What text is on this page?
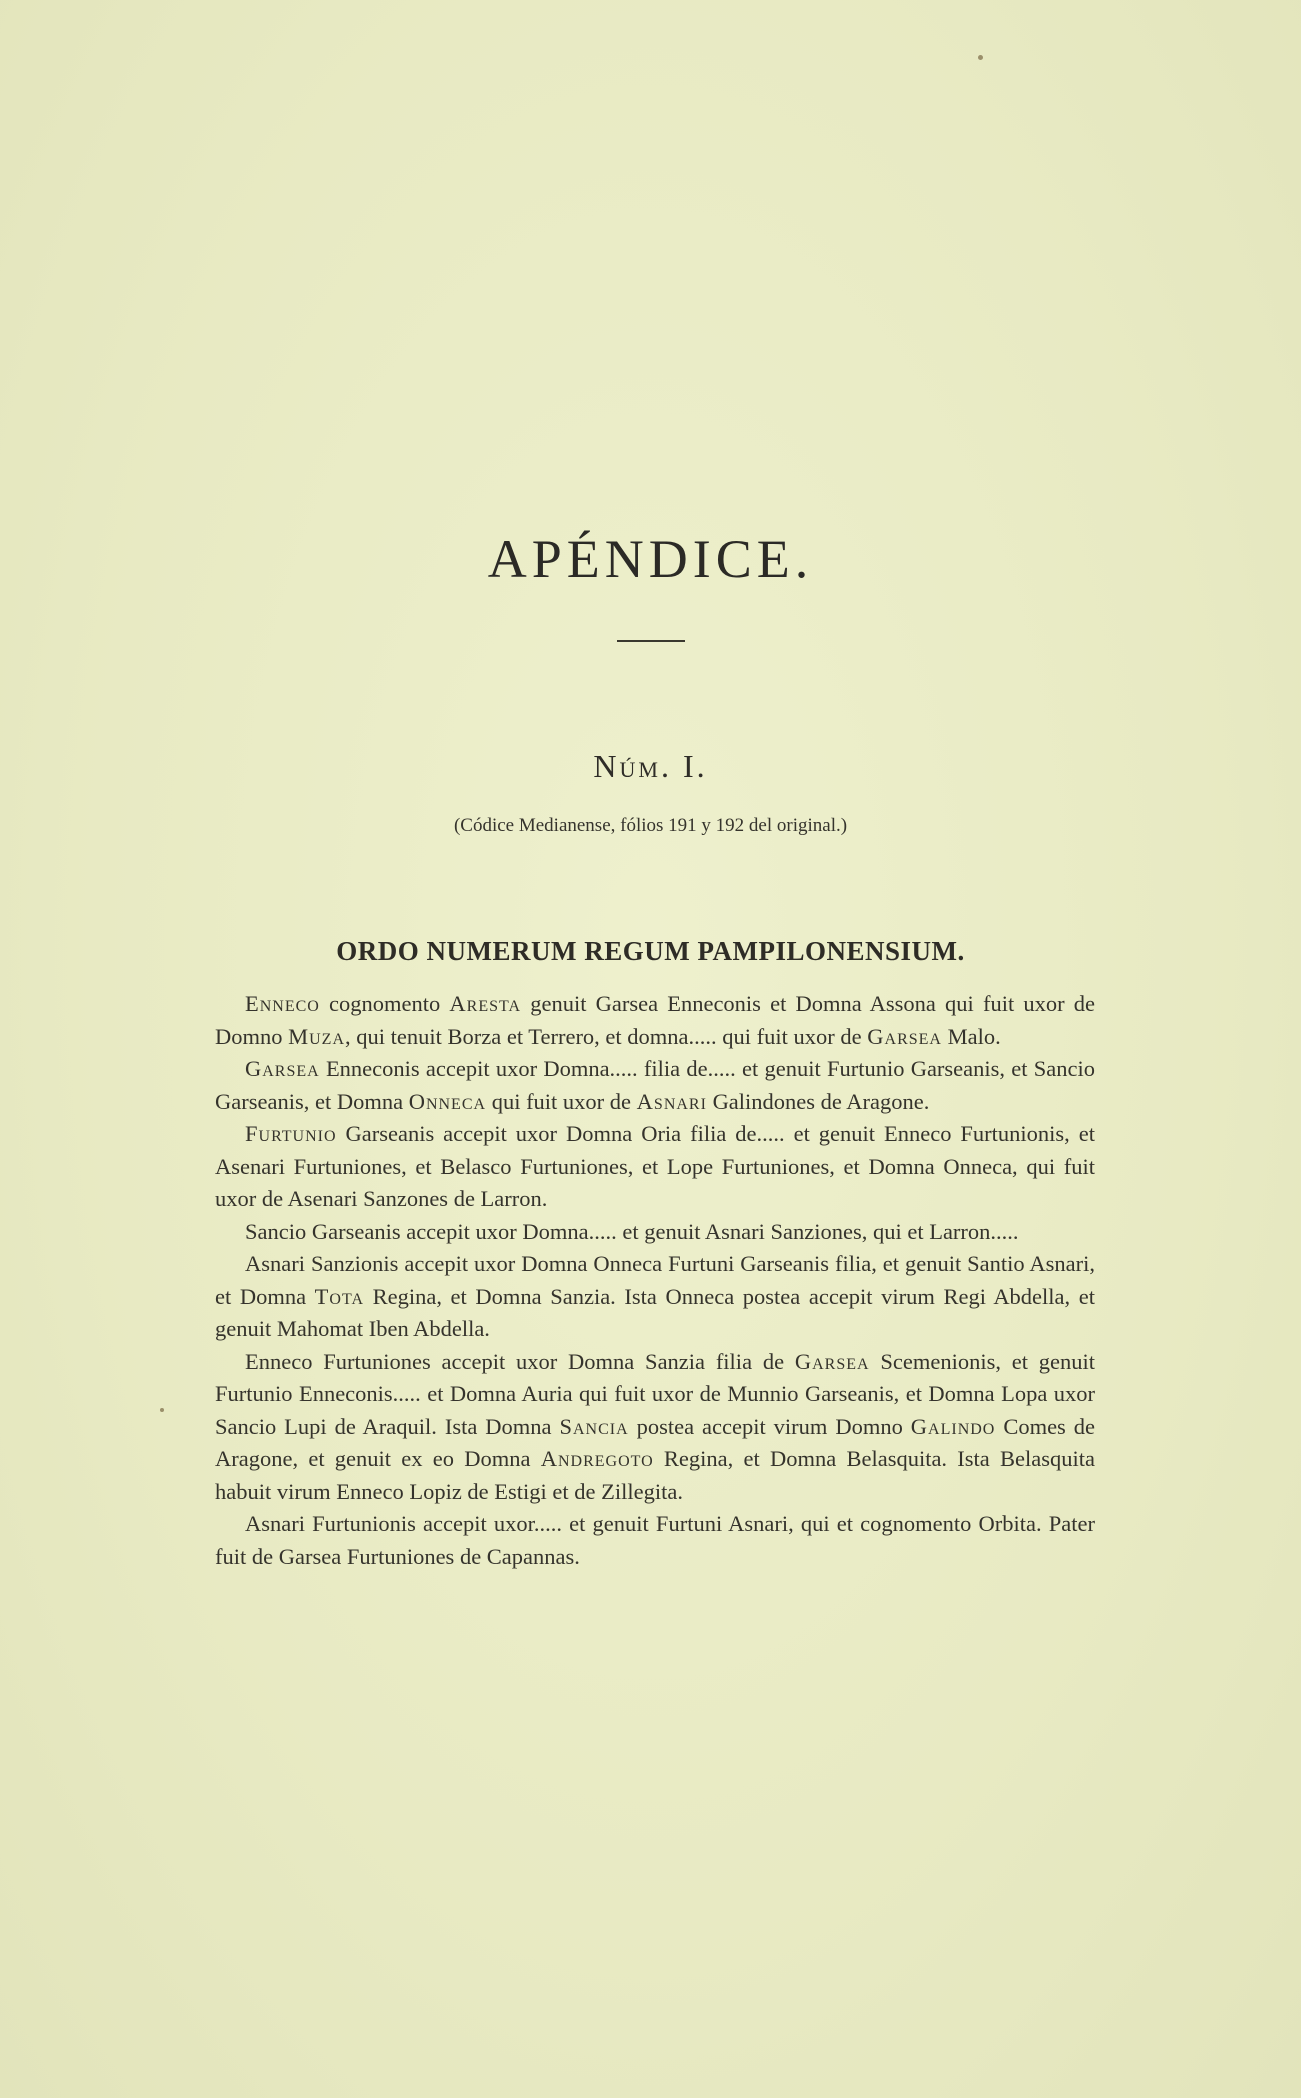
APÉNDICE.
Núm. I.
(Códice Medianense, fólios 191 y 192 del original.)
ORDO NUMERUM REGUM PAMPILONENSIUM.

Enneco cognomento Aresta genuit Garsea Enneconis et Domna Assona qui fuit uxor de Domno Muza, qui tenuit Borza et Terrero, et domna..... qui fuit uxor de Garsea Malo.

Garsea Enneconis accepit uxor Domna..... filia de..... et genuit Furtunio Garseanis, et Sancio Garseanis, et Domna Onneca qui fuit uxor de Asnari Galindones de Aragone.

Furtunio Garseanis accepit uxor Domna Oria filia de..... et genuit Enneco Furtunionis, et Asenari Furtuniones, et Belasco Furtuniones, et Lope Furtuniones, et Domna Onneca, qui fuit uxor de Asenari Sanzones de Larron.

Sancio Garseanis accepit uxor Domna..... et genuit Asnari Sanziones, qui et Larron.....

Asnari Sanzionis accepit uxor Domna Onneca Furtuni Garseanis filia, et genuit Santio Asnari, et Domna Tota Regina, et Domna Sanzia. Ista Onneca postea accepit virum Regi Abdella, et genuit Mahomat Iben Abdella.

Enneco Furtuniones accepit uxor Domna Sanzia filia de Garsea Scemenionis, et genuit Furtunio Enneconis..... et Domna Auria qui fuit uxor de Munnio Garseanis, et Domna Lopa uxor Sancio Lupi de Araquil. Ista Domna Sancia postea accepit virum Domno Galindo Comes de Aragone, et genuit ex eo Domna Andregoto Regina, et Domna Belasquita. Ista Belasquita habuit virum Enneco Lopiz de Estigi et de Zillegita.

Asnari Furtunionis accepit uxor..... et genuit Furtuni Asnari, qui et cognomento Orbita. Pater fuit de Garsea Furtuniones de Capannas.
